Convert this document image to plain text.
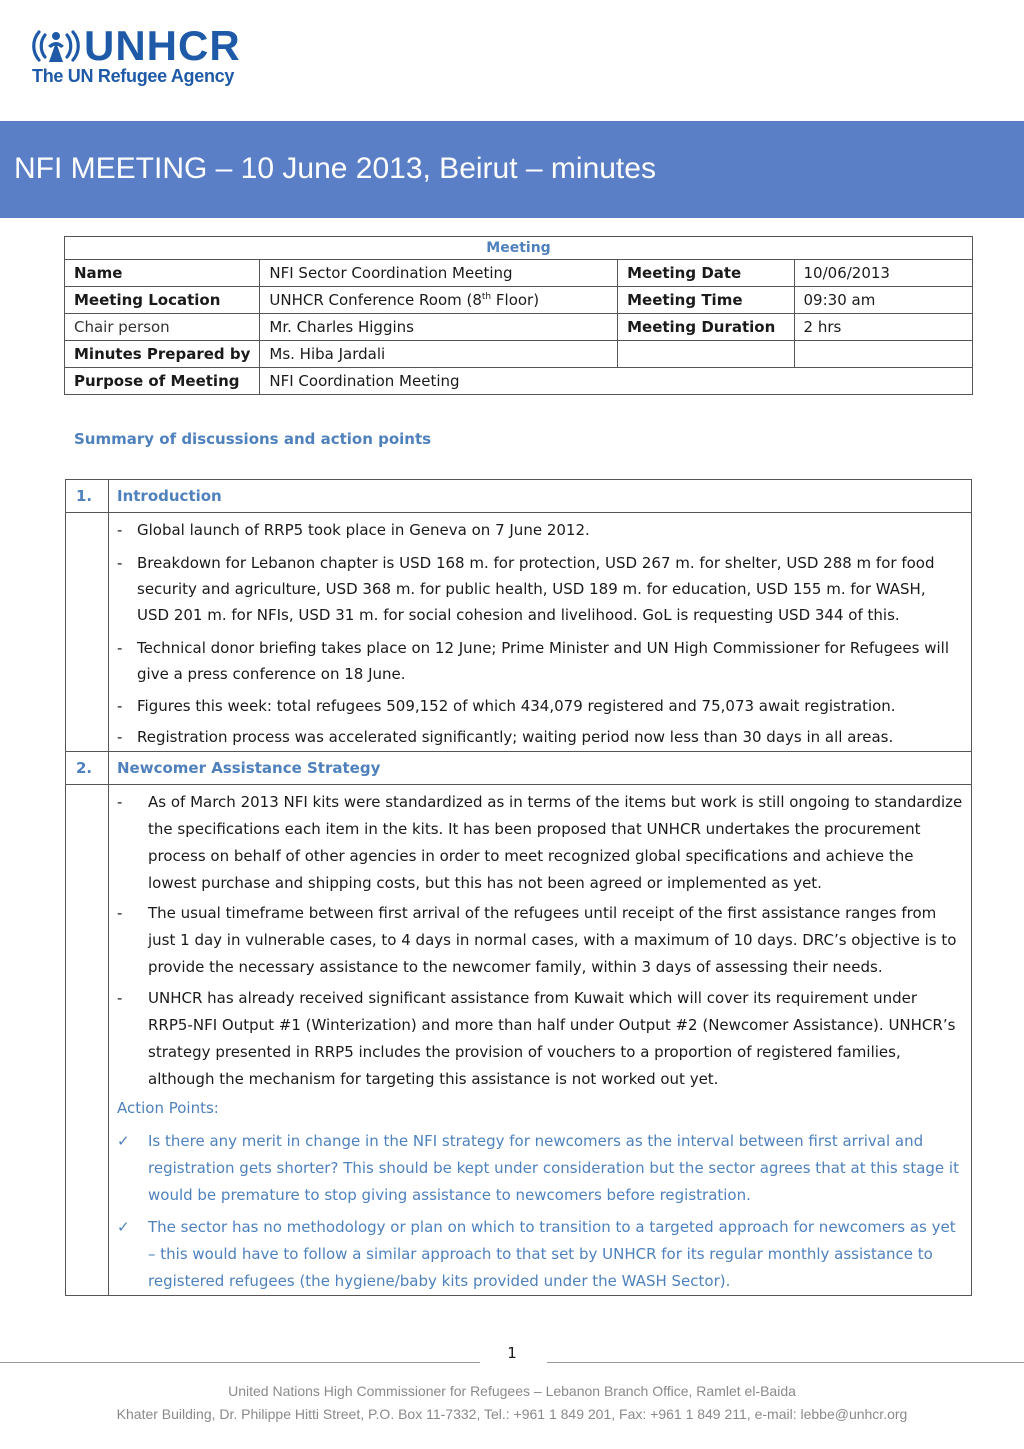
UNHCR
The UN Refugee Agency
NFI MEETING – 10 June 2013, Beirut – minutes
Meeting			
Name	NFI Sector Coordination Meeting	Meeting Date	10/06/2013
Meeting Location	UNHCR Conference Room (8th Floor)	Meeting Time	09:30 am
Chair person	Mr. Charles Higgins	Meeting Duration	2 hrs
Minutes Prepared by	Ms. Hiba Jardali		
Purpose of Meeting	NFI Coordination Meeting		
Summary of discussions and action points
1. Introduction
- Global launch of RRP5 took place in Geneva on 7 June 2012.
- Breakdown for Lebanon chapter is USD 168 m. for protection, USD 267 m. for shelter, USD 288 m for food security and agriculture, USD 368 m. for public health, USD 189 m. for education, USD 155 m. for WASH, USD 201 m. for NFIs, USD 31 m. for social cohesion and livelihood. GoL is requesting USD 344 of this.
- Technical donor briefing takes place on 12 June; Prime Minister and UN High Commissioner for Refugees will give a press conference on 18 June.
- Figures this week: total refugees 509,152 of which 434,079 registered and 75,073 await registration.
- Registration process was accelerated significantly; waiting period now less than 30 days in all areas.
2. Newcomer Assistance Strategy
-	As of March 2013 NFI kits were standardized as in terms of the items but work is still ongoing to standardize the specifications each item in the kits. It has been proposed that UNHCR undertakes the procurement process on behalf of other agencies in order to meet recognized global specifications and achieve the lowest purchase and shipping costs, but this has not been agreed or implemented as yet.
-	The usual timeframe between first arrival of the refugees until receipt of the first assistance ranges from just 1 day in vulnerable cases, to 4 days in normal cases, with a maximum of 10 days. DRC’s objective is to provide the necessary assistance to the newcomer family, within 3 days of assessing their needs.
-	UNHCR has already received significant assistance from Kuwait which will cover its requirement under RRP5-NFI Output #1 (Winterization) and more than half under Output #2 (Newcomer Assistance). UNHCR’s strategy presented in RRP5 includes the provision of vouchers to a proportion of registered families, although the mechanism for targeting this assistance is not worked out yet.
Action Points:
✓	Is there any merit in change in the NFI strategy for newcomers as the interval between first arrival and registration gets shorter? This should be kept under consideration but the sector agrees that at this stage it would be premature to stop giving assistance to newcomers before registration.
✓	The sector has no methodology or plan on which to transition to a targeted approach for newcomers as yet – this would have to follow a similar approach to that set by UNHCR for its regular monthly assistance to registered refugees (the hygiene/baby kits provided under the WASH Sector).
1
United Nations High Commissioner for Refugees – Lebanon Branch Office, Ramlet el-Baida
Khater Building, Dr. Philippe Hitti Street, P.O. Box 11-7332, Tel.: +961 1 849 201, Fax: +961 1 849 211, e-mail: lebbe@unhcr.org
